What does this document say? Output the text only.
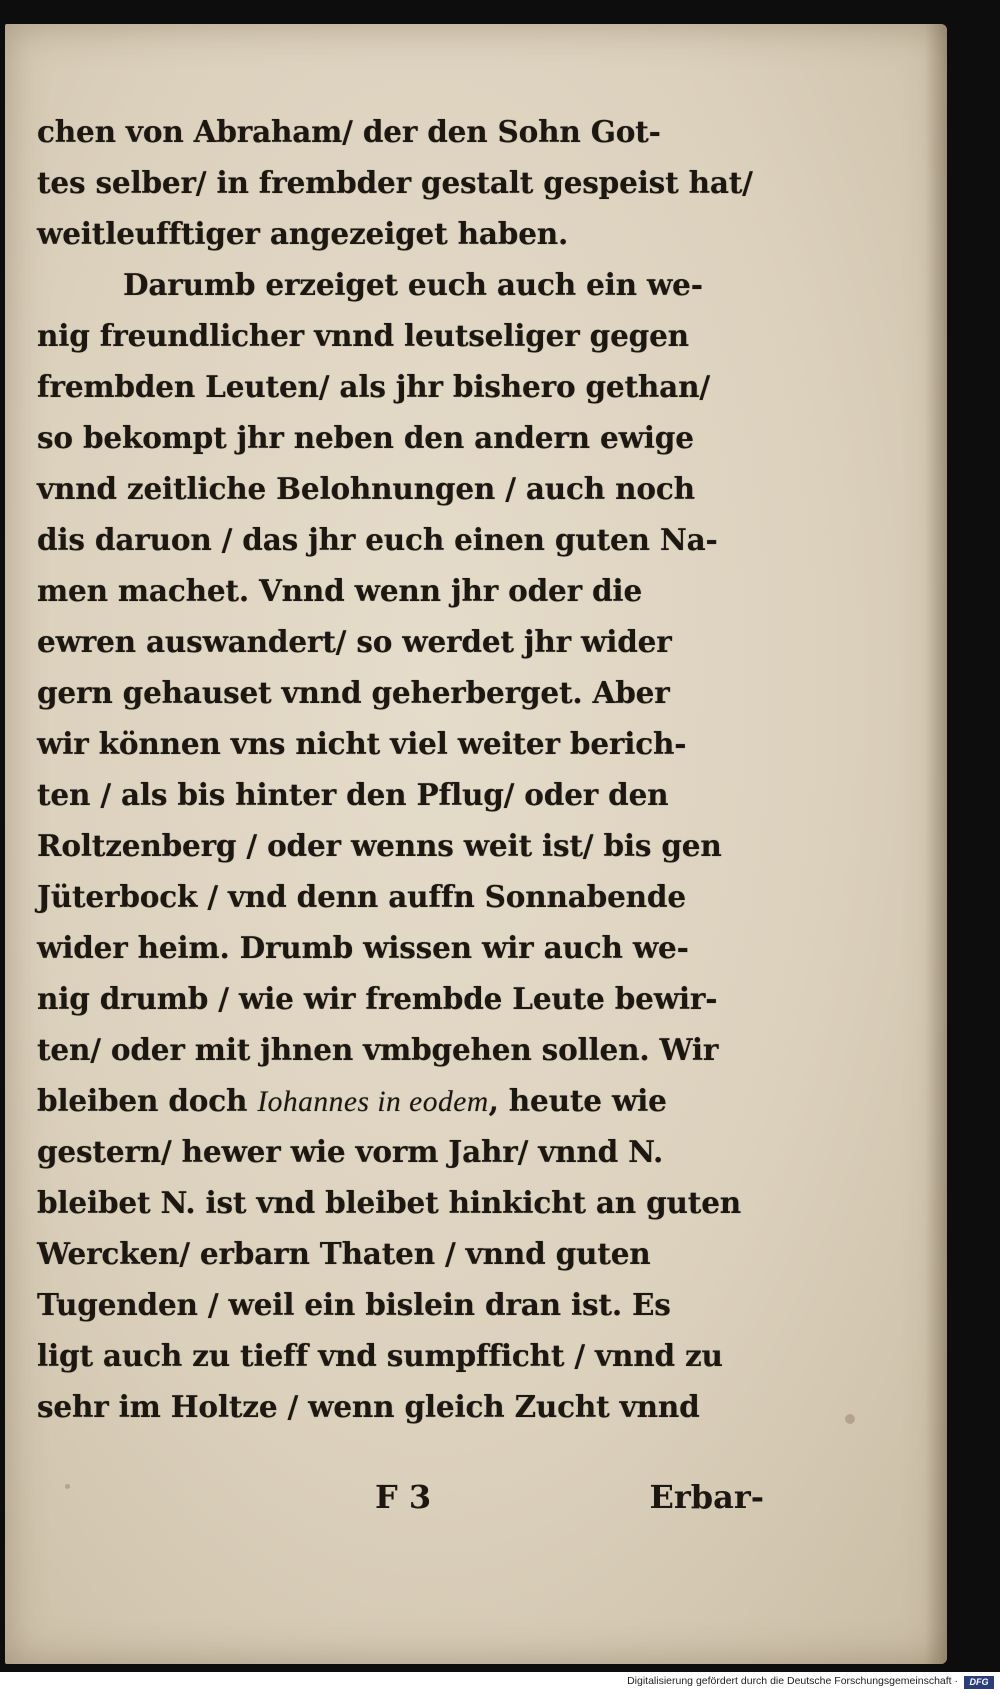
chen von Abraham/ der den Sohn Got-
tes selber/ in frembder gestalt gespeist hat/
weitleufftiger angezeiget haben.
Darumb erzeiget euch auch ein we-
nig freundlicher vnnd leutseliger gegen
frembden Leuten/ als jhr bishero gethan/
so bekompt jhr neben den andern ewige
vnnd zeitliche Belohnungen / auch noch
dis daruon / das jhr euch einen guten Na-
men machet. Vnnd wenn jhr oder die
ewren auswandert/ so werdet jhr wider
gern gehauset vnnd geherberget. Aber
wir können vns nicht viel weiter berich-
ten / als bis hinter den Pflug/ oder den
Roltzenberg / oder wenns weit ist/ bis gen
Jüterbock / vnd denn auffn Sonnabende
wider heim. Drumb wissen wir auch we-
nig drumb / wie wir frembde Leute bewir-
ten/ oder mit jhnen vmbgehen sollen. Wir
bleiben doch Iohannes in eodem, heute wie
gestern/ hewer wie vorm Jahr/ vnnd N.
bleibet N. ist vnd bleibet hinkicht an guten
Wercken/ erbarn Thaten / vnnd guten
Tugenden / weil ein bislein dran ist. Es
ligt auch zu tieff vnd sumpfficht / vnnd zu
sehr im Holtze / wenn gleich Zucht vnnd
F 3	Erbar-
Digitalisierung gefördert durch die Deutsche Forschungsgemeinschaft ·	DFG
